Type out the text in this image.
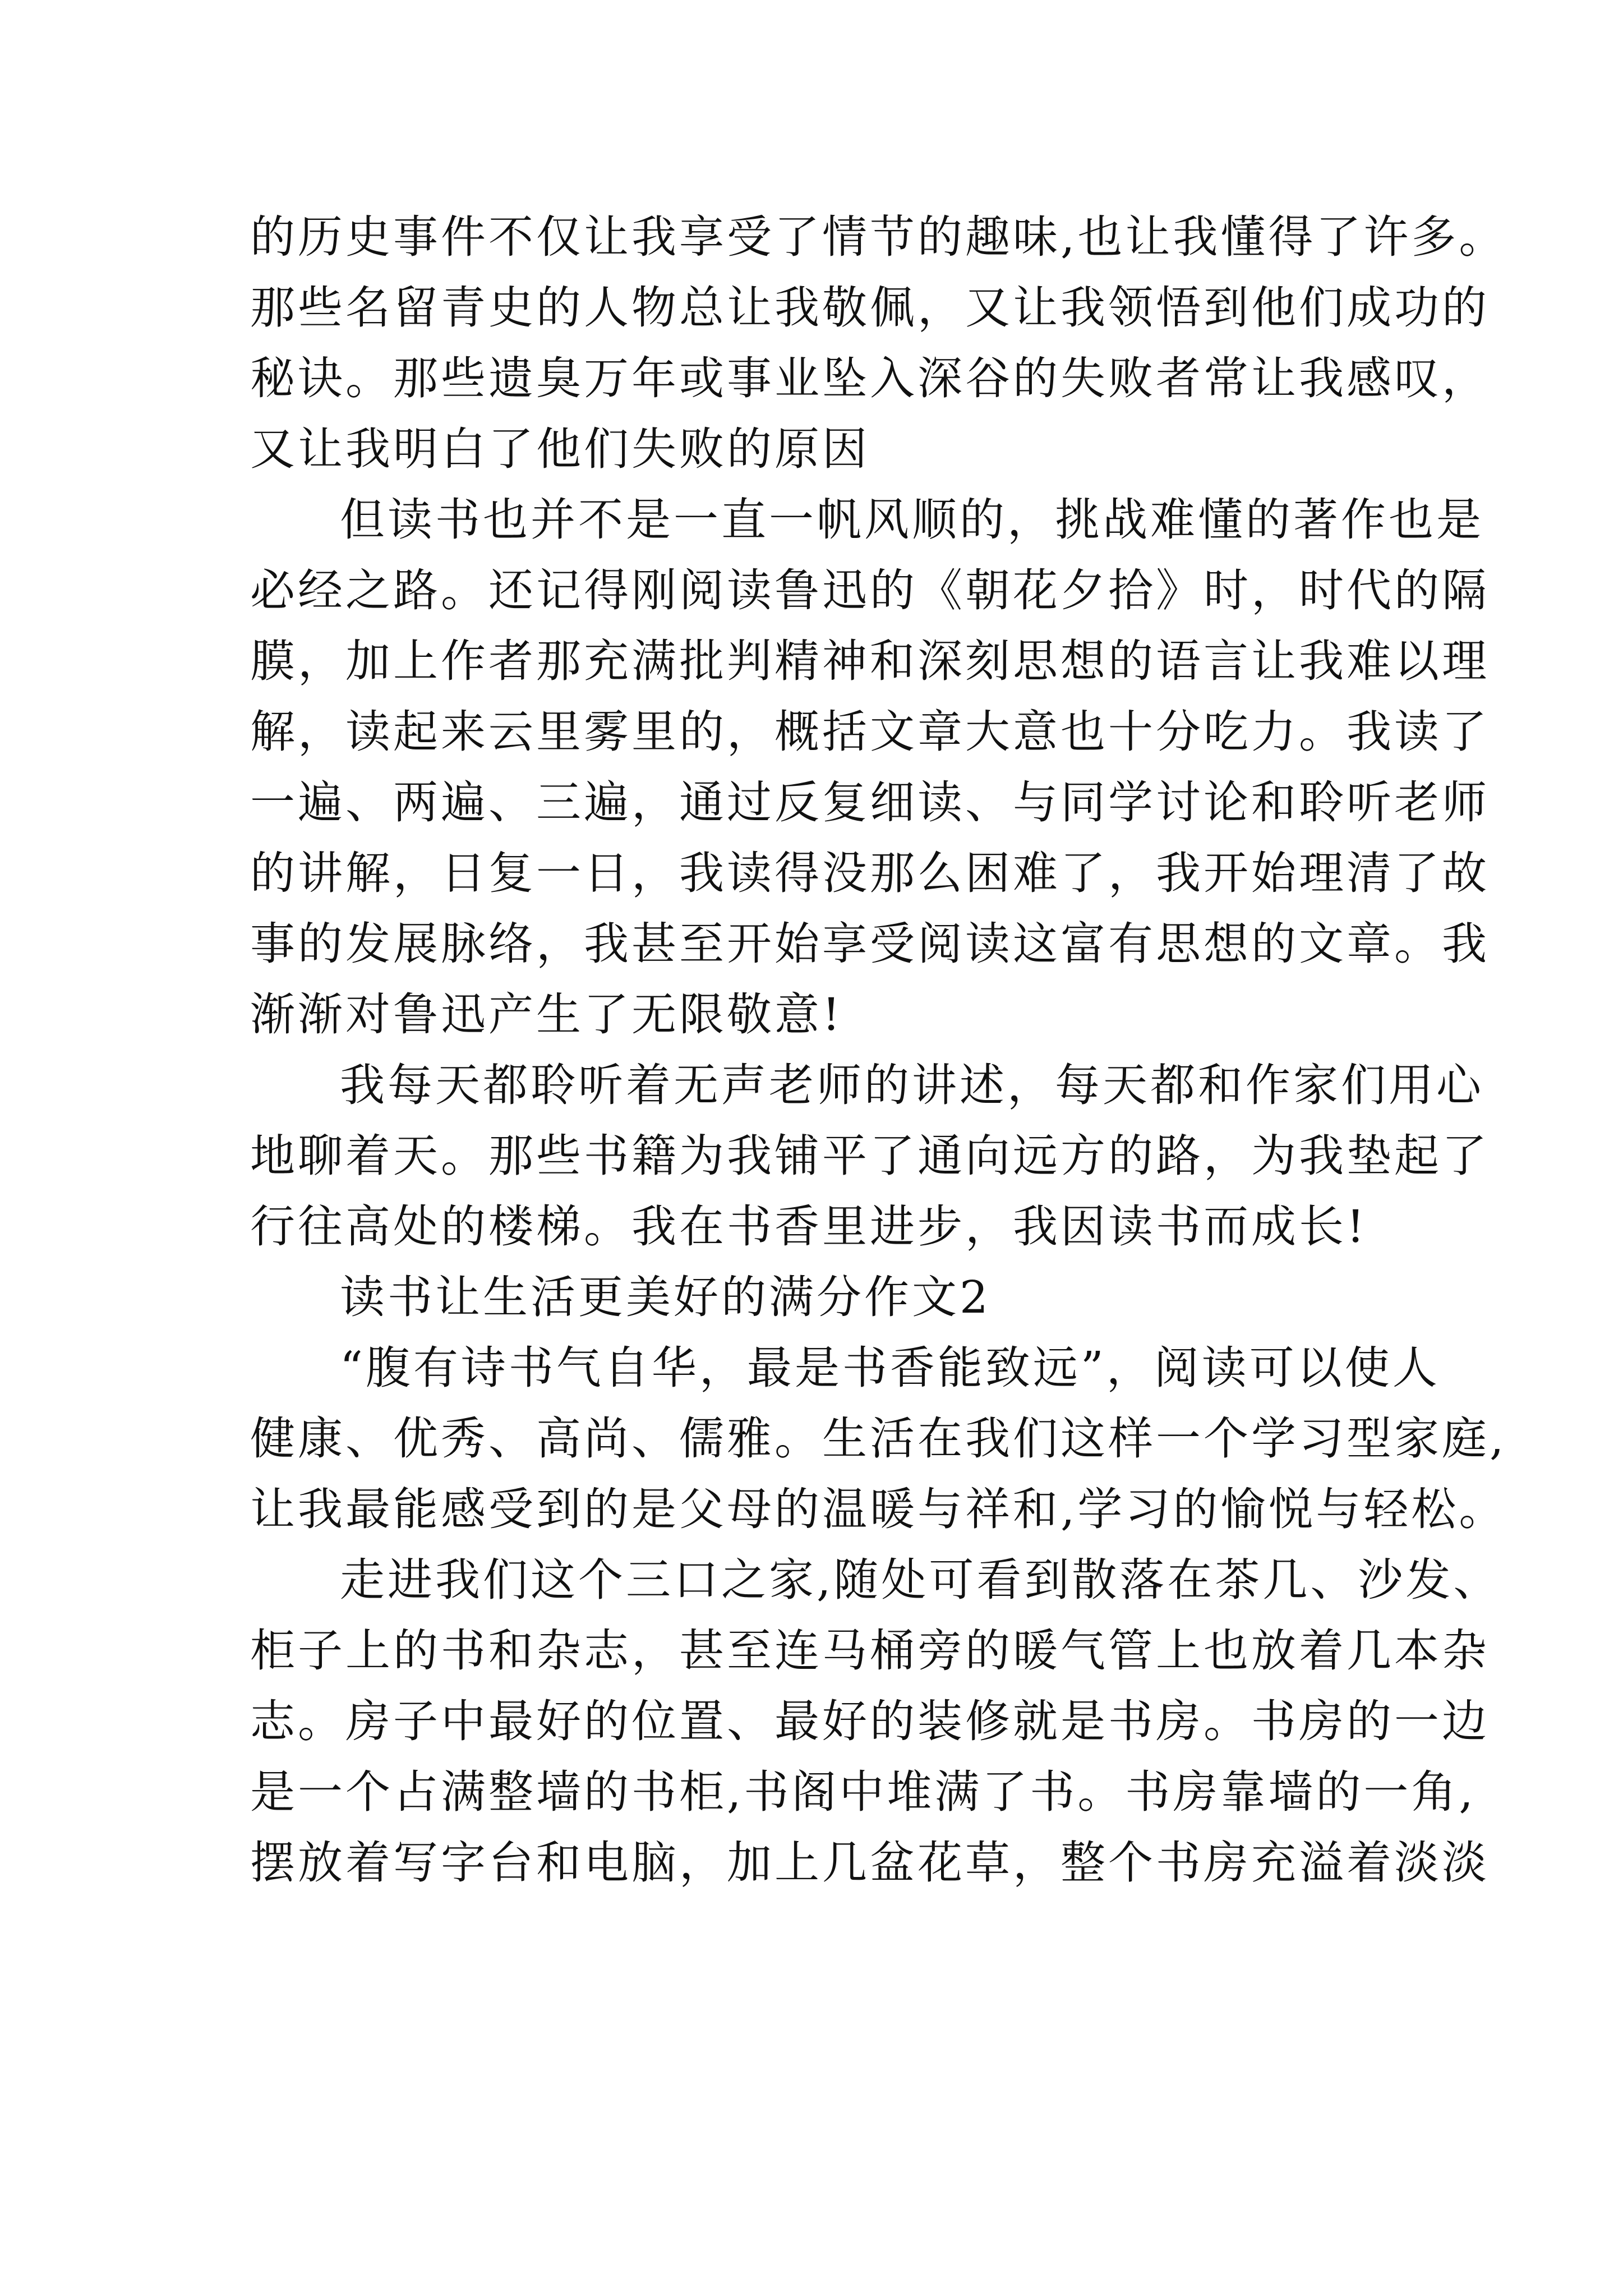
的历史事件不仅让我享受了情节的趣味,也让我懂得了许多。
那些名留青史的人物总让我敬佩，又让我领悟到他们成功的
秘诀。那些遗臭万年或事业坠入深谷的失败者常让我感叹，
又让我明白了他们失败的原因
但读书也并不是一直一帆风顺的，挑战难懂的著作也是
必经之路。还记得刚阅读鲁迅的《朝花夕拾》时，时代的隔
膜，加上作者那充满批判精神和深刻思想的语言让我难以理
解，读起来云里雾里的，概括文章大意也十分吃力。我读了
一遍、两遍、三遍，通过反复细读、与同学讨论和聆听老师
的讲解，日复一日，我读得没那么困难了，我开始理清了故
事的发展脉络，我甚至开始享受阅读这富有思想的文章。我
渐渐对鲁迅产生了无限敬意!
我每天都聆听着无声老师的讲述，每天都和作家们用心
地聊着天。那些书籍为我铺平了通向远方的路，为我垫起了
行往高处的楼梯。我在书香里进步，我因读书而成长!
读书让生活更美好的满分作文2
“腹有诗书气自华，最是书香能致远”，阅读可以使人
健康、优秀、高尚、儒雅。生活在我们这样一个学习型家庭,
让我最能感受到的是父母的温暖与祥和,学习的愉悦与轻松。
走进我们这个三口之家,随处可看到散落在茶几、沙发、
柜子上的书和杂志，甚至连马桶旁的暖气管上也放着几本杂
志。房子中最好的位置、最好的装修就是书房。书房的一边
是一个占满整墙的书柜,书阁中堆满了书。书房靠墙的一角,
摆放着写字台和电脑，加上几盆花草，整个书房充溢着淡淡
